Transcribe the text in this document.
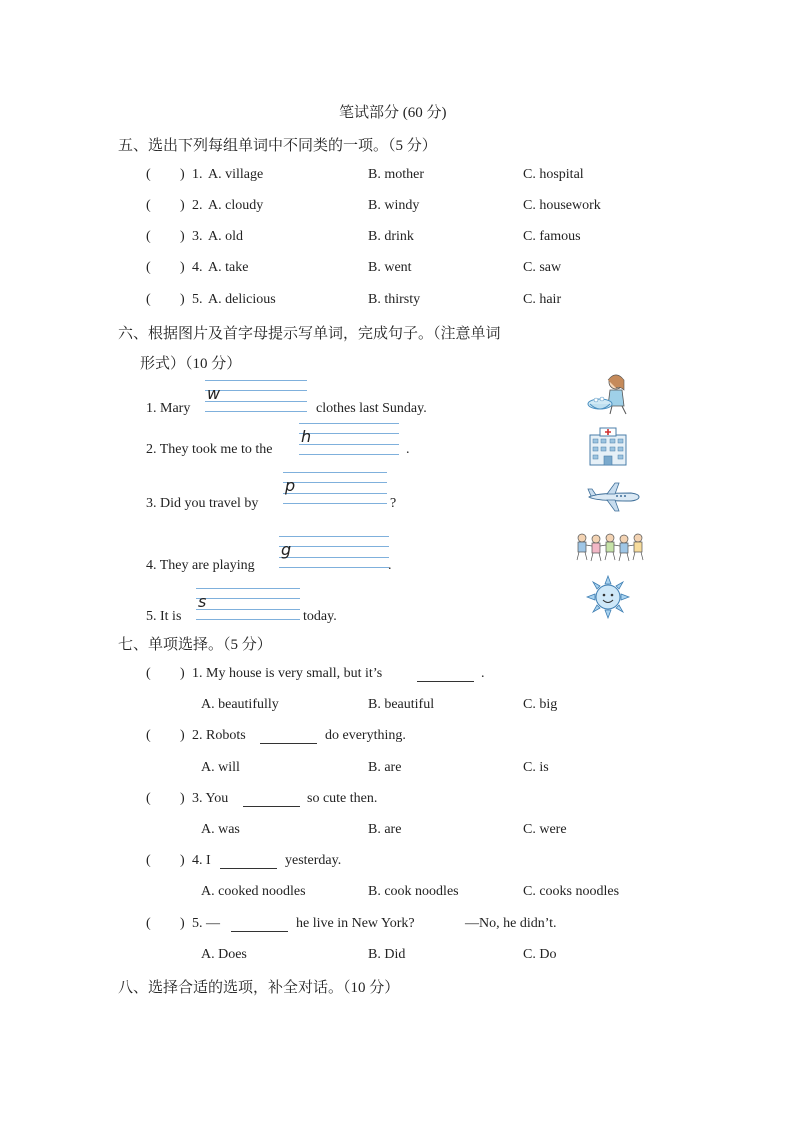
笔试部分 (60 分)
五、选出下列每组单词中不同类的一项。（5 分）
( ) 1. A. village	B. mother	C. hospital
( ) 2. A. cloudy	B. windy	C. housework
( ) 3. A. old	B. drink	C. famous
( ) 4. A. take	B. went	C. saw
( ) 5. A. delicious	B. thirsty	C. hair
六、根据图片及首字母提示写单词，完成句子。（注意单词
形式）（10 分）
1. Mary
w
clothes last Sunday.
2. They took me to the
h
.
3. Did you travel by
p
?
4. They are playing
g
.
5. It is
s
today.
七、单项选择。（5 分）
( ) 1. My house is very small, but it’s	.
A. beautifully	B. beautiful	C. big
( ) 2. Robots	do everything.
A. will	B. are	C. is
( ) 3. You	so cute then.
A. was	B. are	C. were
( ) 4. I	yesterday.
A. cooked noodles	B. cook noodles	C. cooks noodles
( ) 5. —	he live in New York?	—No, he didn’t.
A. Does	B. Did	C. Do
八、选择合适的选项，补全对话。（10 分）
